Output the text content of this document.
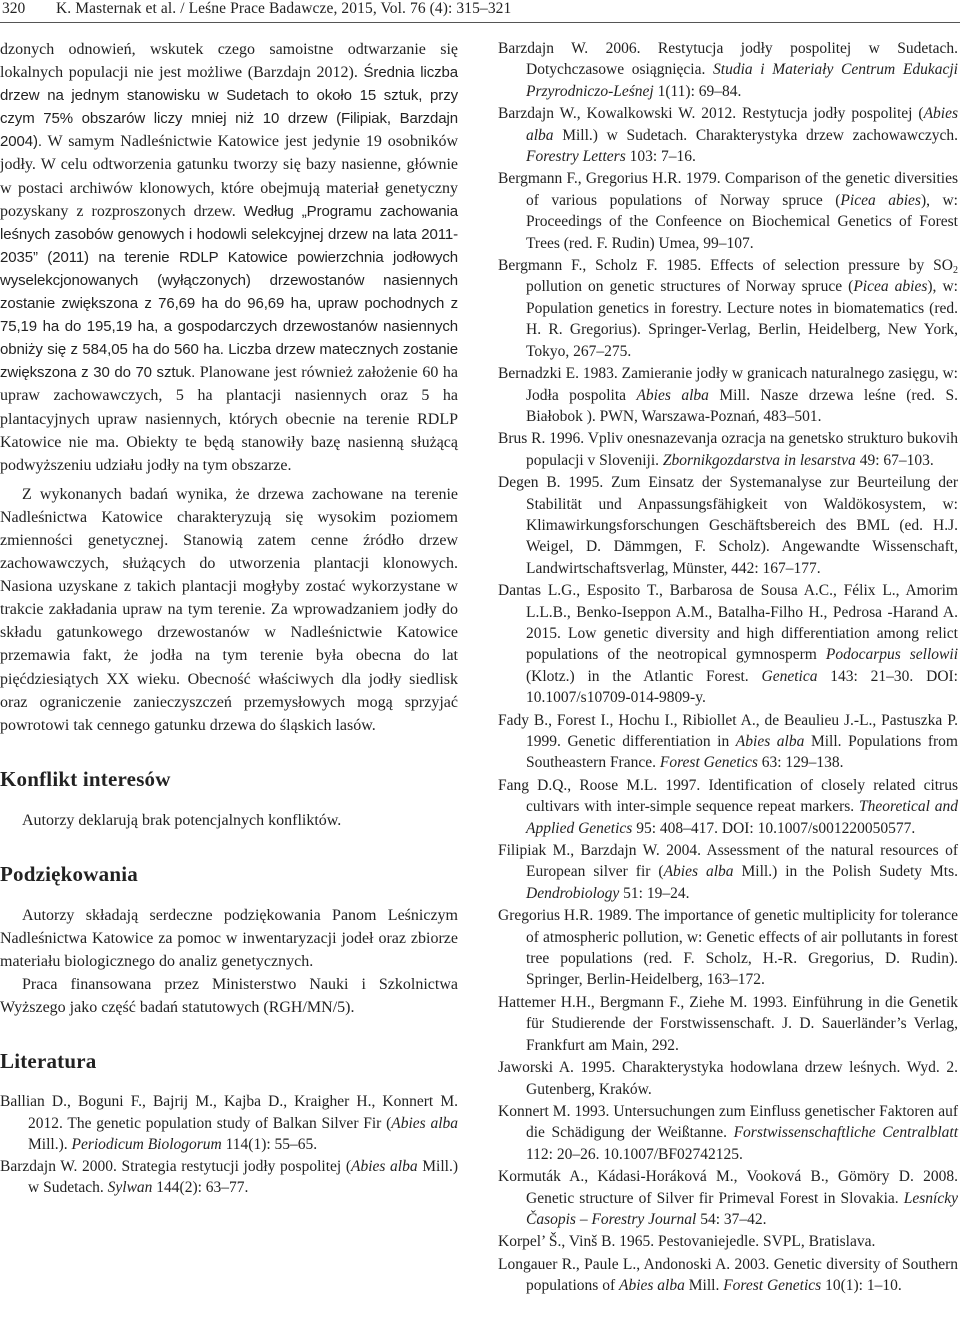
320 K. Masternak et al. / Leśne Prace Badawcze, 2015, Vol. 76 (4): 315–321

dzonych odnowień, wskutek czego samoistne odtwarzanie się lokalnych populacji nie jest możliwe (Barzdajn 2012). Średnia liczba drzew na jednym stanowisku w Sudetach to około 15 sztuk, przy czym 75% obszarów liczy mniej niż 10 drzew (Filipiak, Barzdajn 2004). W samym Nadleśnictwie Katowice jest jedynie 19 osobników jodły. W celu odtworzenia gatunku tworzy się bazy nasienne, głównie w postaci archiwów klonowych, które obejmują materiał genetyczny pozyskany z rozproszonych drzew. Według „Programu zachowania leśnych zasobów genowych i hodowli selekcyjnej drzew na lata 2011-2035” (2011) na terenie RDLP Katowice powierzchnia jodłowych wyselekcjonowanych (wyłączonych) drzewostanów nasiennych zostanie zwiększona z 76,69 ha do 96,69 ha, upraw pochodnych z 75,19 ha do 195,19 ha, a gospodarczych drzewostanów nasiennych obniży się z 584,05 ha do 560 ha. Liczba drzew matecznych zostanie zwiększona z 30 do 70 sztuk. Planowane jest również założenie 60 ha upraw zachowawczych, 5 ha plantacji nasiennych oraz 5 ha plantacyjnych upraw nasiennych, których obecnie na terenie RDLP Katowice nie ma. Obiekty te będą stanowiły bazę nasienną służącą podwyższeniu udziału jodły na tym obszarze.

Z wykonanych badań wynika, że drzewa zachowane na terenie Nadleśnictwa Katowice charakteryzują się wysokim poziomem zmienności genetycznej. Stanowią zatem cenne źródło drzew zachowawczych, służących do utworzenia plantacji klonowych. Nasiona uzyskane z takich plantacji mogłyby zostać wykorzystane w trakcie zakładania upraw na tym terenie. Za wprowadzaniem jodły do składu gatunkowego drzewostanów w Nadleśnictwie Katowice przemawia fakt, że jodła na tym terenie była obecna do lat pięćdziesiątych XX wieku. Obecność właściwych dla jodły siedlisk oraz ograniczenie zanieczyszczeń przemysłowych mogą sprzyjać powrotowi tak cennego gatunku drzewa do śląskich lasów.

Konflikt interesów

Autorzy deklarują brak potencjalnych konfliktów.

Podziękowania

Autorzy składają serdeczne podziękowania Panom Leśniczym Nadleśnictwa Katowice za pomoc w inwentaryzacji jodeł oraz zbiorze materiału biologicznego do analiz genetycznych.

Praca finansowana przez Ministerstwo Nauki i Szkolnictwa Wyższego jako część badań statutowych (RGH/MN/5).

Literatura

Ballian D., Boguni F., Bajrij M., Kajba D., Kraigher H., Konnert M. 2012. The genetic population study of Balkan Silver Fir (Abies alba Mill.). Periodicum Biologorum 114(1): 55–65.

Barzdajn W. 2000. Strategia restytucji jodły pospolitej (Abies alba Mill.) w Sudetach. Sylwan 144(2): 63–77.

Barzdajn W. 2006. Restytucja jodły pospolitej w Sudetach. Dotychczasowe osiągnięcia. Studia i Materiały Centrum Edukacji Przyrodniczo-Leśnej 1(11): 69–84.

Barzdajn W., Kowalkowski W. 2012. Restytucja jodły pospolitej (Abies alba Mill.) w Sudetach. Charakterystyka drzew zachowawczych. Forestry Letters 103: 7–16.

Bergmann F., Gregorius H.R. 1979. Comparison of the genetic diversities of various populations of Norway spruce (Picea abies), w: Proceedings of the Confeence on Biochemical Genetics of Forest Trees (red. F. Rudin) Umea, 99–107.

Bergmann F., Scholz F. 1985. Effects of selection pressure by $SO_2$ pollution on genetic structures of Norway spruce (Picea abies), w: Population genetics in forestry. Lecture notes in biomatematics (red. H. R. Gregorius). Springer-Verlag, Berlin, Heidelberg, New York, Tokyo, 267–275.

Bernadzki E. 1983. Zamieranie jodły w granicach naturalnego zasięgu, w: Jodła pospolita Abies alba Mill. Nasze drzewa leśne (red. S. Białobok ). PWN, Warszawa-Poznań, 483–501.

Brus R. 1996. Vpliv onesnazevanja ozracja na genetsko strukturo bukovih populacji v Sloveniji. Zbornikgozdarstva in lesarstva 49: 67–103.

Degen B. 1995. Zum Einsatz der Systemanalyse zur Beurteilung der Stabilität und Anpassungsfähigkeit von Waldökosystem, w: Klimawirkungsforschungen Geschäftsbereich des BML (ed. H.J. Weigel, D. Dämmgen, F. Scholz). Angewandte Wissenschaft, Landwirtschaftsverlag, Münster, 442: 167–177.

Dantas L.G., Esposito T., Barbarosa de Sousa A.C., Félix L., Amorim L.L.B., Benko-Iseppon A.M., Batalha-Filho H., Pedrosa -Harand A. 2015. Low genetic diversity and high differentiation among relict populations of the neotropical gymnosperm Podocarpus sellowii (Klotz.) in the Atlantic Forest. Genetica 143: 21–30. DOI: 10.1007/s10709-014-9809-y.

Fady B., Forest I., Hochu I., Ribiollet A., de Beaulieu J.-L., Pastuszka P. 1999. Genetic differentiation in Abies alba Mill. Populations from Southeastern France. Forest Genetics 63: 129–138.

Fang D.Q., Roose M.L. 1997. Identification of closely related citrus cultivars with inter-simple sequence repeat markers. Theoretical and Applied Genetics 95: 408–417. DOI: 10.1007/s001220050577.

Filipiak M., Barzdajn W. 2004. Assessment of the natural resources of European silver fir (Abies alba Mill.) in the Polish Sudety Mts. Dendrobiology 51: 19–24.

Gregorius H.R. 1989. The importance of genetic multiplicity for tolerance of atmospheric pollution, w: Genetic effects of air pollutants in forest tree populations (red. F. Scholz, H.-R. Gregorius, D. Rudin). Springer, Berlin-Heidelberg, 163–172.

Hattemer H.H., Bergmann F., Ziehe M. 1993. Einführung in die Genetik für Studierende der Forstwissenschaft. J. D. Sauerländer’s Verlag, Frankfurt am Main, 292.

Jaworski A. 1995. Charakterystyka hodowlana drzew leśnych. Wyd. 2. Gutenberg, Kraków.

Konnert M. 1993. Untersuchungen zum Einfluss genetischer Faktoren auf die Schädigung der Weißtanne. Forstwissenschaftliche Centralblatt 112: 20–26. 10.1007/BF02742125.

Kormuták A., Kádasi-Horáková M., Vooková B., Gömöry D. 2008. Genetic structure of Silver fir Primeval Forest in Slovakia. Lesnícky Časopis – Forestry Journal 54: 37–42.

Korpel’ Š., Vinš B. 1965. Pestovaniejedle. SVPL, Bratislava.

Longauer R., Paule L., Andonoski A. 2003. Genetic diversity of Southern populations of Abies alba Mill. Forest Genetics 10(1): 1–10.
